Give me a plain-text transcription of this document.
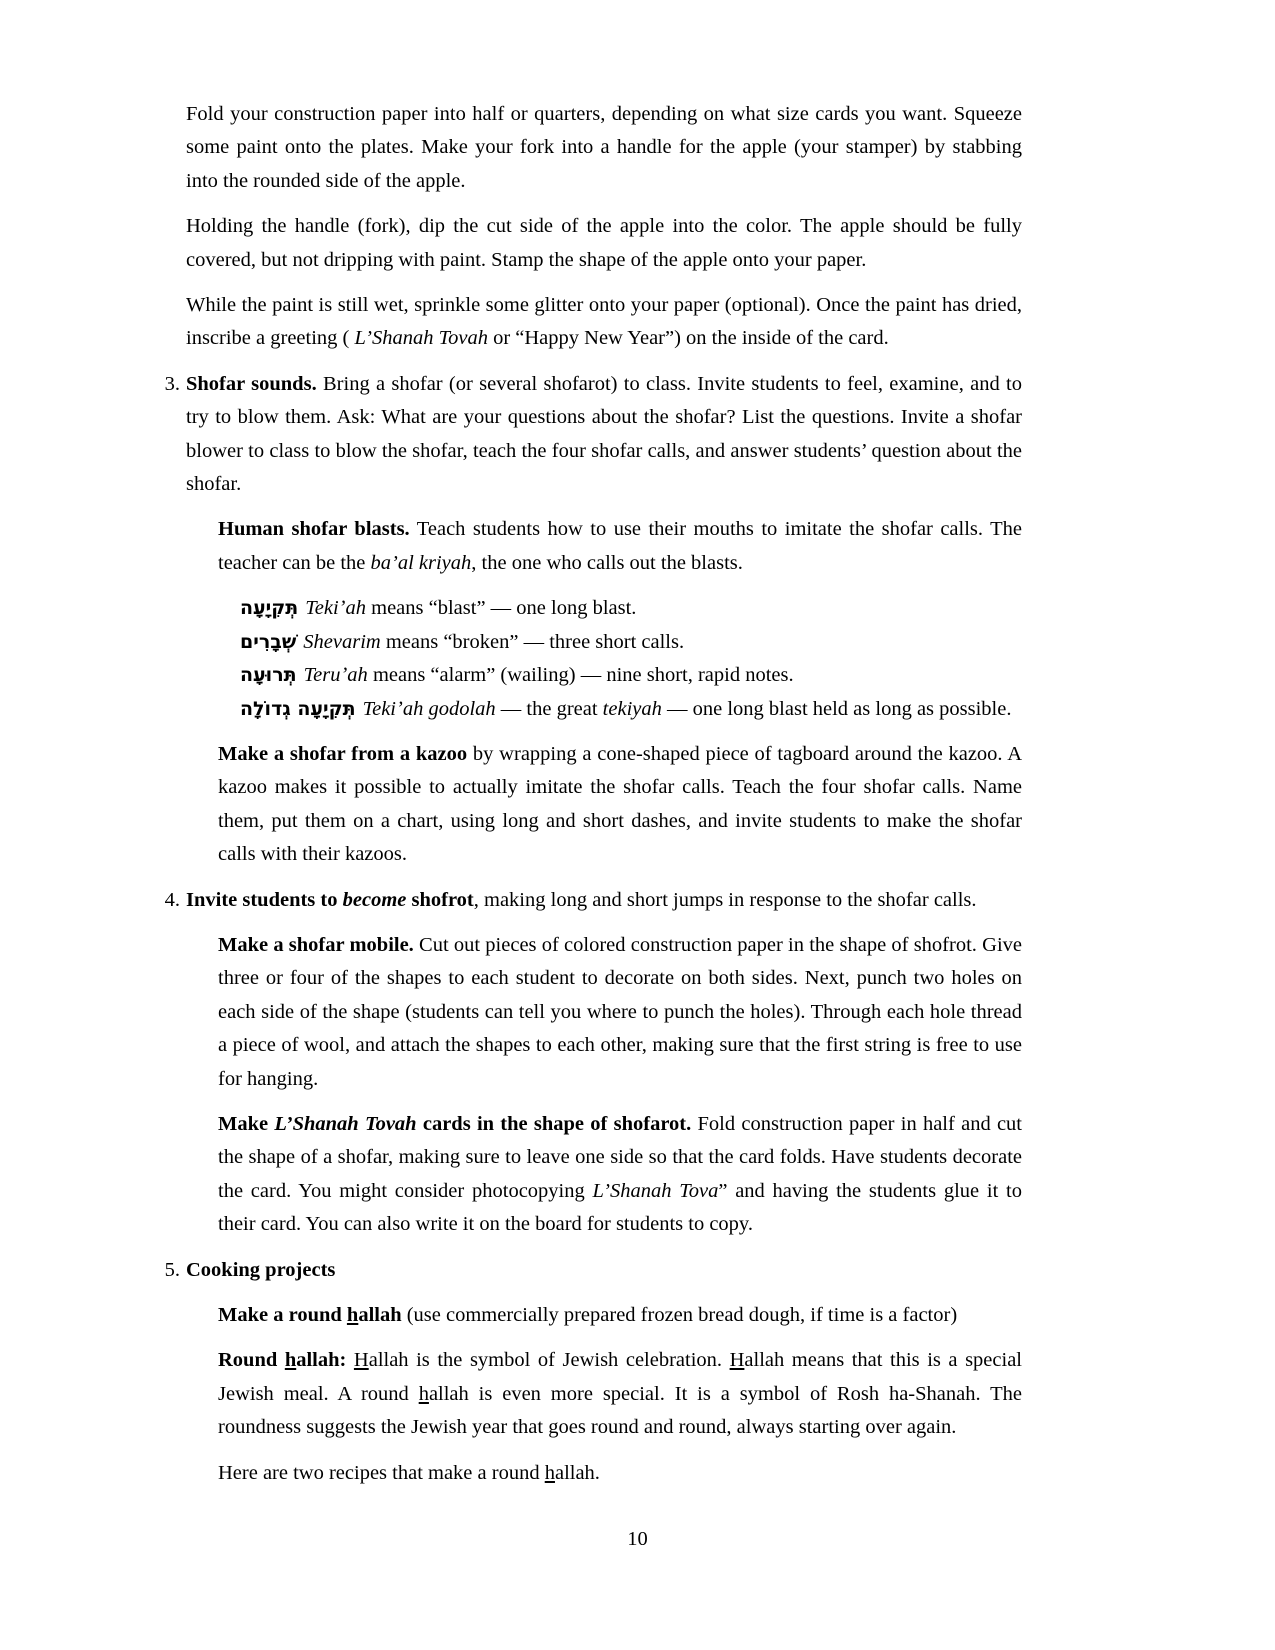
Fold your construction paper into half or quarters, depending on what size cards you want. Squeeze some paint onto the plates. Make your fork into a handle for the apple (your stamper) by stabbing into the rounded side of the apple.

Holding the handle (fork), dip the cut side of the apple into the color. The apple should be fully covered, but not dripping with paint. Stamp the shape of the apple onto your paper.

While the paint is still wet, sprinkle some glitter onto your paper (optional). Once the paint has dried, inscribe a greeting ( L’Shanah Tovah or “Happy New Year”) on the inside of the card.

3. Shofar sounds. Bring a shofar (or several shofarot) to class. Invite students to feel, examine, and to try to blow them. Ask: What are your questions about the shofar? List the questions. Invite a shofar blower to class to blow the shofar, teach the four shofar calls, and answer students’ question about the shofar.

Human shofar blasts. Teach students how to use their mouths to imitate the shofar calls. The teacher can be the ba’al kriyah, the one who calls out the blasts.

תְּקִיָעָה Tekiʼah means “blast” — one long blast.

שְׁבָרִים Shevarim means “broken” — three short calls.

תְּרוּעָה Teruʼah means “alarm” (wailing) — nine short, rapid notes.

תְּקִיָעָה גְדוֹלָה Tekiʼah godolah — the great tekiyah — one long blast held as long as possible.

Make a shofar from a kazoo by wrapping a cone-shaped piece of tagboard around the kazoo. A kazoo makes it possible to actually imitate the shofar calls. Teach the four shofar calls. Name them, put them on a chart, using long and short dashes, and invite students to make the shofar calls with their kazoos.

4. Invite students to become shofrot, making long and short jumps in response to the shofar calls.

Make a shofar mobile. Cut out pieces of colored construction paper in the shape of shofrot. Give three or four of the shapes to each student to decorate on both sides. Next, punch two holes on each side of the shape (students can tell you where to punch the holes). Through each hole thread a piece of wool, and attach the shapes to each other, making sure that the first string is free to use for hanging.

Make L’Shanah Tovah cards in the shape of shofarot. Fold construction paper in half and cut the shape of a shofar, making sure to leave one side so that the card folds. Have students decorate the card. You might consider photocopying L’Shanah Tova” and having the students glue it to their card. You can also write it on the board for students to copy.

5. Cooking projects

Make a round hallah (use commercially prepared frozen bread dough, if time is a factor)

Round hallah: Hallah is the symbol of Jewish celebration. Hallah means that this is a special Jewish meal. A round hallah is even more special. It is a symbol of Rosh ha-Shanah. The roundness suggests the Jewish year that goes round and round, always starting over again.

Here are two recipes that make a round hallah.

10
